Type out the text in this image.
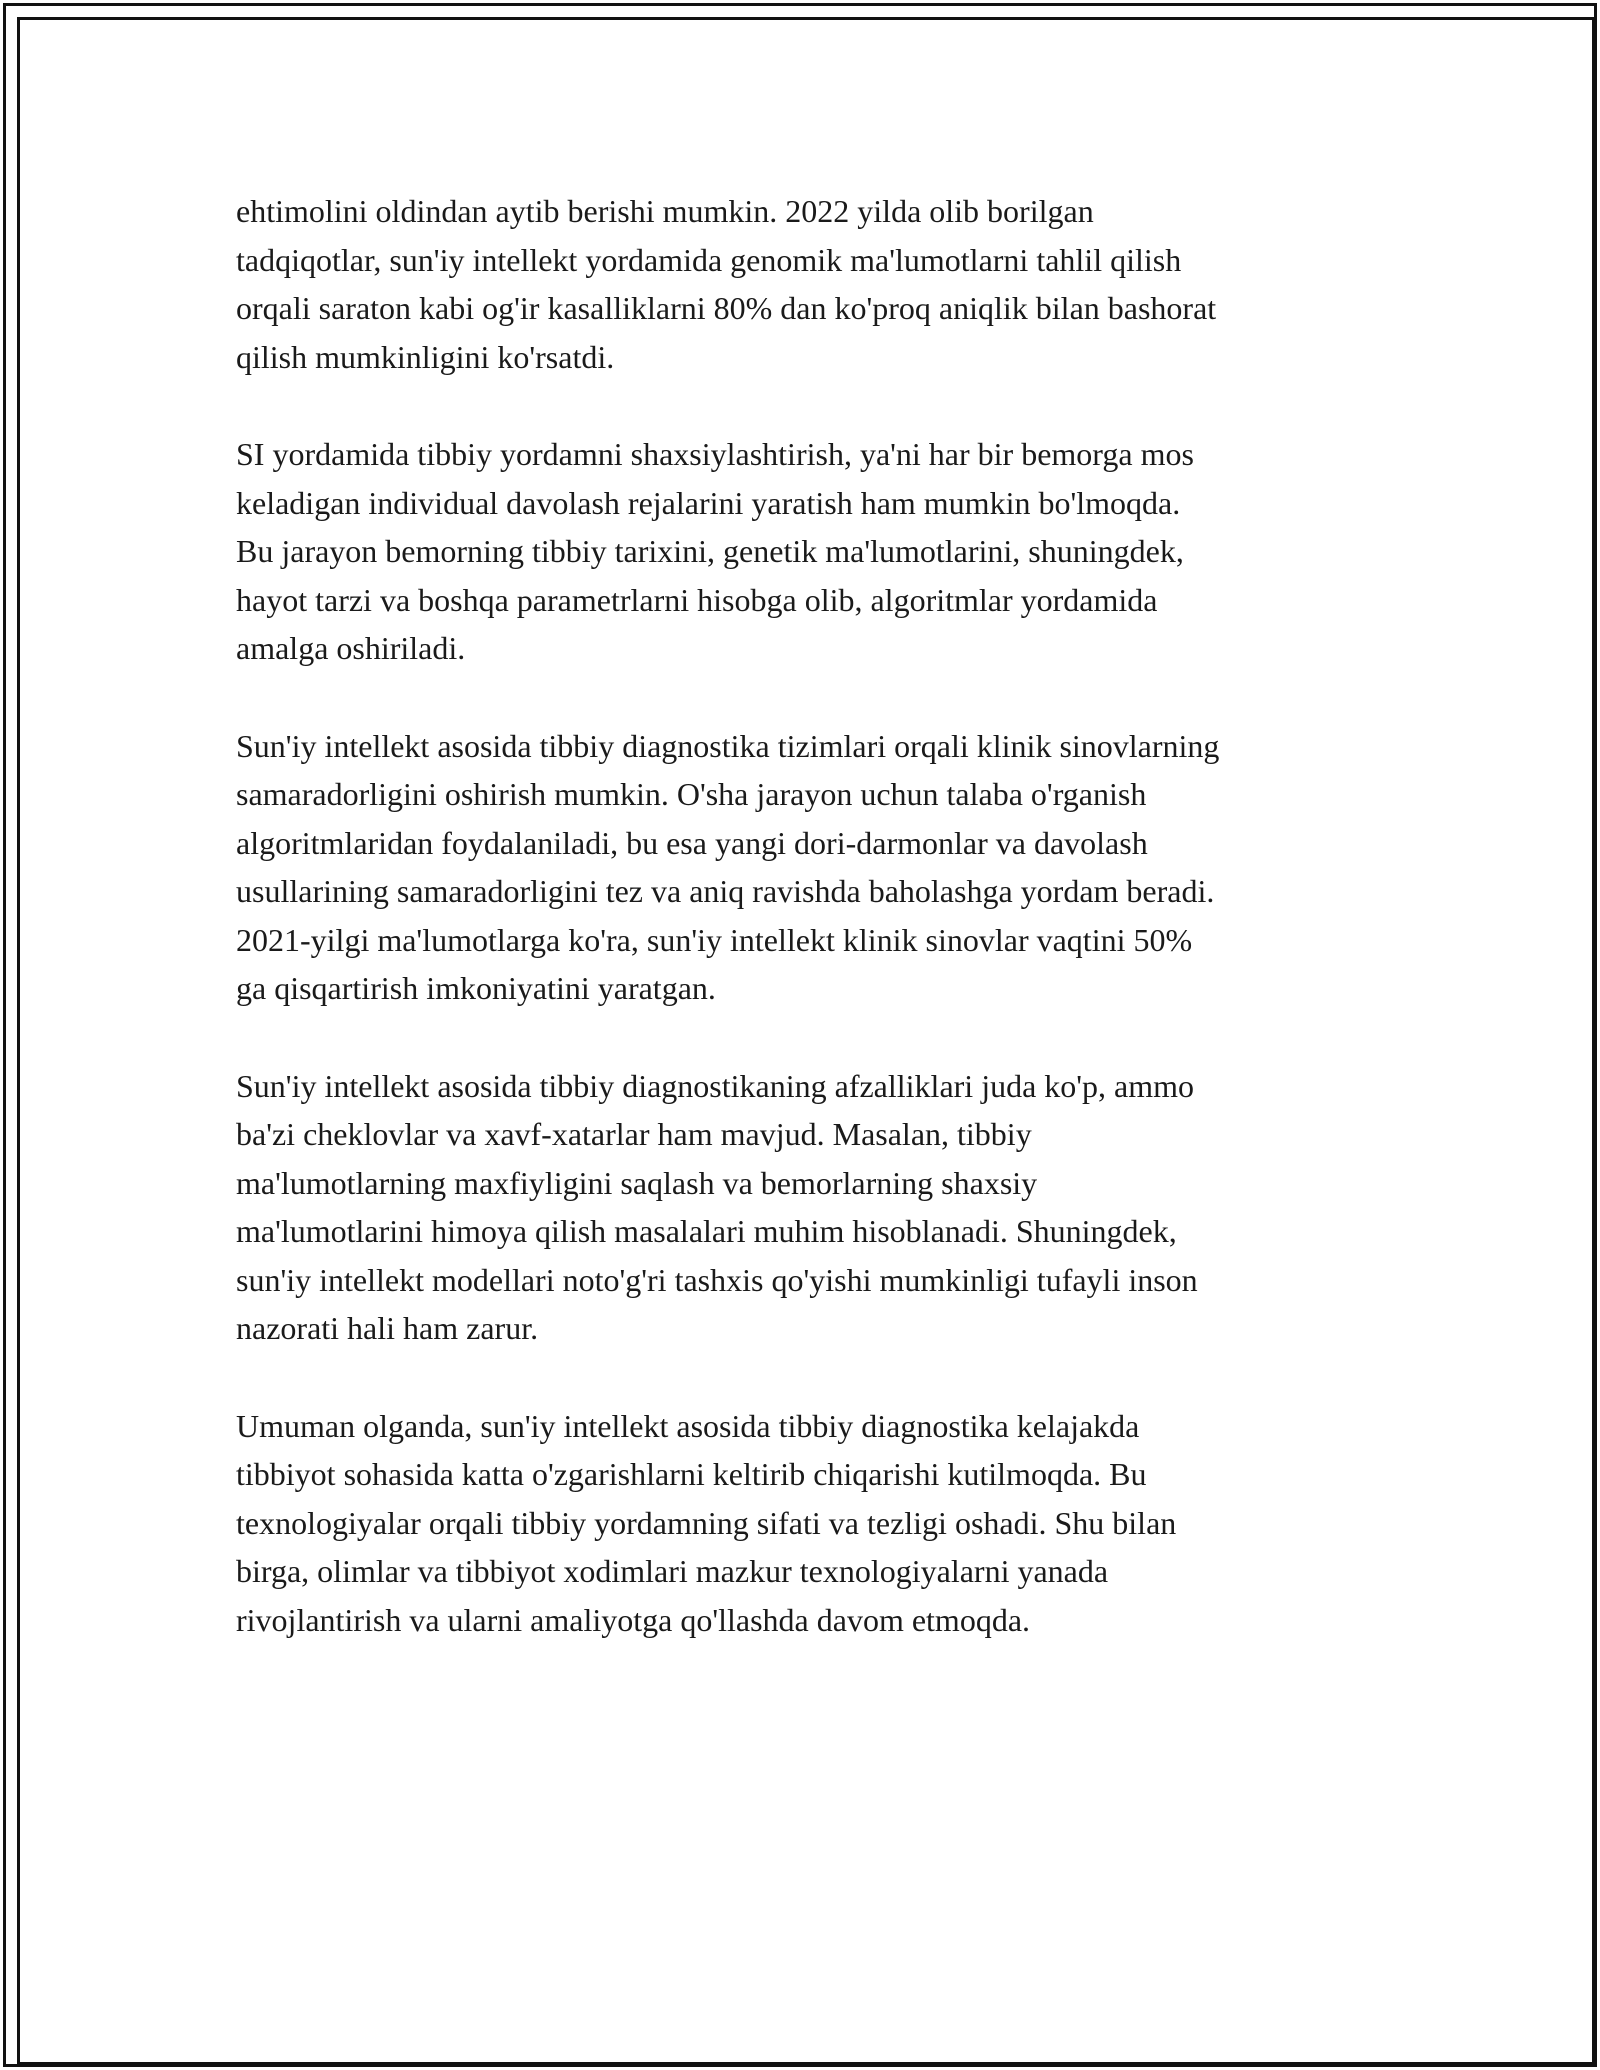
ehtimolini oldindan aytib berishi mumkin. 2022 yilda olib borilgan
tadqiqotlar, sun'iy intellekt yordamida genomik ma'lumotlarni tahlil qilish
orqali saraton kabi og'ir kasalliklarni 80% dan ko'proq aniqlik bilan bashorat
qilish mumkinligini ko'rsatdi.

SI yordamida tibbiy yordamni shaxsiylashtirish, ya'ni har bir bemorga mos
keladigan individual davolash rejalarini yaratish ham mumkin bo'lmoqda.
Bu jarayon bemorning tibbiy tarixini, genetik ma'lumotlarini, shuningdek,
hayot tarzi va boshqa parametrlarni hisobga olib, algoritmlar yordamida
amalga oshiriladi.

Sun'iy intellekt asosida tibbiy diagnostika tizimlari orqali klinik sinovlarning
samaradorligini oshirish mumkin. O'sha jarayon uchun talaba o'rganish
algoritmlaridan foydalaniladi, bu esa yangi dori-darmonlar va davolash
usullarining samaradorligini tez va aniq ravishda baholashga yordam beradi.
2021-yilgi ma'lumotlarga ko'ra, sun'iy intellekt klinik sinovlar vaqtini 50%
ga qisqartirish imkoniyatini yaratgan.

Sun'iy intellekt asosida tibbiy diagnostikaning afzalliklari juda ko'p, ammo
ba'zi cheklovlar va xavf-xatarlar ham mavjud. Masalan, tibbiy
ma'lumotlarning maxfiyligini saqlash va bemorlarning shaxsiy
ma'lumotlarini himoya qilish masalalari muhim hisoblanadi. Shuningdek,
sun'iy intellekt modellari noto'g'ri tashxis qo'yishi mumkinligi tufayli inson
nazorati hali ham zarur.

Umuman olganda, sun'iy intellekt asosida tibbiy diagnostika kelajakda
tibbiyot sohasida katta o'zgarishlarni keltirib chiqarishi kutilmoqda. Bu
texnologiyalar orqali tibbiy yordamning sifati va tezligi oshadi. Shu bilan
birga, olimlar va tibbiyot xodimlari mazkur texnologiyalarni yanada
rivojlantirish va ularni amaliyotga qo'llashda davom etmoqda.
